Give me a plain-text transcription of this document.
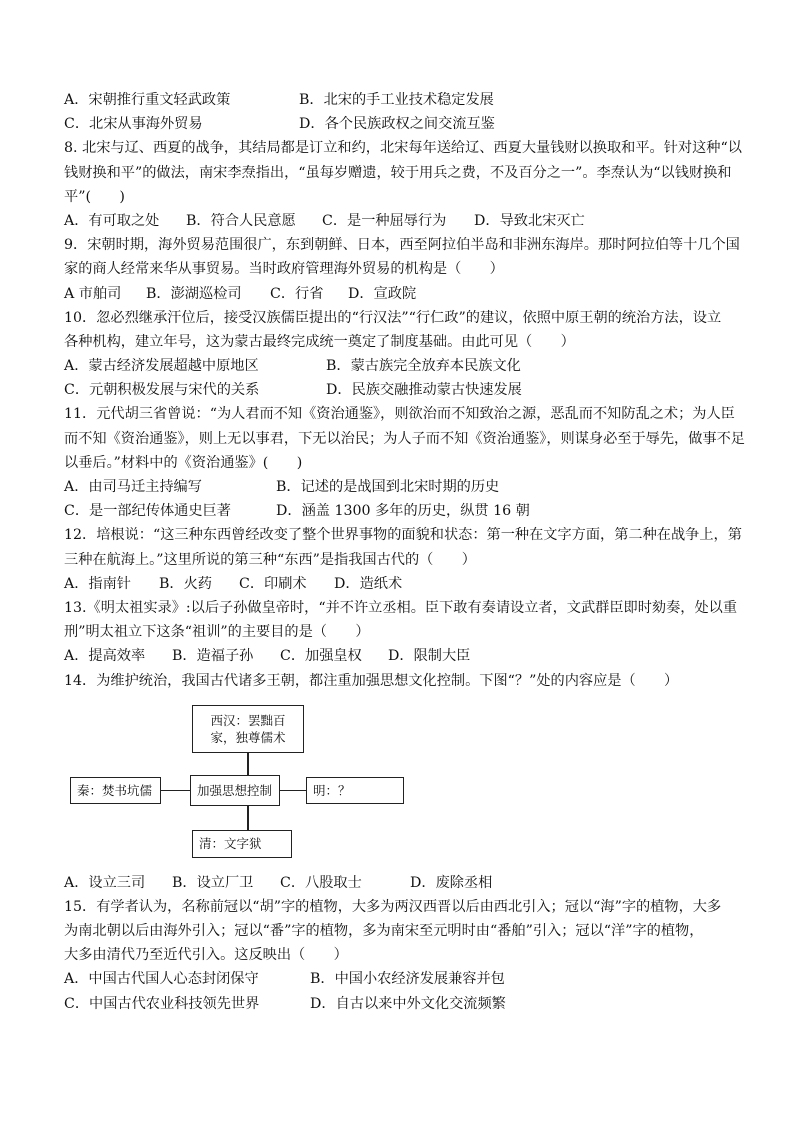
A．宋朝推行重文轻武政策	B．北宋的手工业技术稳定发展
C．北宋从事海外贸易	D．各个民族政权之间交流互鉴
8. 北宋与辽、西夏的战争，其结局都是订立和约，北宋每年送给辽、西夏大量钱财以换取和平。针对这种“以
钱财换和平”的做法，南宋李焘指出，“虽每岁赠遗，较于用兵之费，不及百分之一”。李焘认为“以钱财换和
平”(　　)
A．有可取之处 B．符合人民意愿 C．是一种屈辱行为 D．导致北宋灭亡
9．宋朝时期，海外贸易范围很广，东到朝鲜、日本，西至阿拉伯半岛和非洲东海岸。那时阿拉伯等十几个国
家的商人经常来华从事贸易。当时政府管理海外贸易的机构是（　　）
A 市舶司 B．澎湖巡检司 C．行省 D．宣政院
10．忽必烈继承汗位后，接受汉族儒臣提出的“行汉法”“行仁政”的建议，依照中原王朝的统治方法，设立
各种机构，建立年号，这为蒙古最终完成统一奠定了制度基础。由此可见（　　）
A．蒙古经济发展超越中原地区	B．蒙古族完全放弃本民族文化
C．元朝积极发展与宋代的关系	D．民族交融推动蒙古快速发展
11．元代胡三省曾说：“为人君而不知《资治通鉴》，则欲治而不知致治之源，恶乱而不知防乱之术；为人臣
而不知《资治通鉴》，则上无以事君，下无以治民；为人子而不知《资治通鉴》，则谋身必至于辱先，做事不足
以垂后。”材料中的《资治通鉴》(　　)
A．由司马迁主持编写	B．记述的是战国到北宋时期的历史
C．是一部纪传体通史巨著	D．涵盖 1300 多年的历史，纵贯 16 朝
12．培根说：“这三种东西曾经改变了整个世界事物的面貌和状态：第一种在文字方面，第二种在战争上，第
三种在航海上。”这里所说的第三种“东西”是指我国古代的（　　）
A．指南针 B．火药 C．印刷术 D．造纸术
13.《明太祖实录》:以后子孙做皇帝时，“并不许立丞相。臣下敢有奏请设立者，文武群臣即时劾奏，处以重
刑”明太祖立下这条“祖训”的主要目的是（　　）
A．提高效率 B．造福子孙 C．加强皇权 D．限制大臣
14．为维护统治，我国古代诸多王朝，都注重加强思想文化控制。下图“？”处的内容应是（　　）
西汉：罢黜百
家，独尊儒术
秦：焚书坑儒	加强思想控制	明：？
清：文字狱
A．设立三司 B．设立厂卫 C．八股取士	D．废除丞相
15．有学者认为，名称前冠以“胡”字的植物，大多为两汉西晋以后由西北引入；冠以“海”字的植物，大多
为南北朝以后由海外引入；冠以“番”字的植物，多为南宋至元明时由“番舶”引入；冠以“洋”字的植物，
大多由清代乃至近代引入。这反映出（　　）
A．中国古代国人心态封闭保守	B．中国小农经济发展兼容并包
C．中国古代农业科技领先世界	D．自古以来中外文化交流频繁
